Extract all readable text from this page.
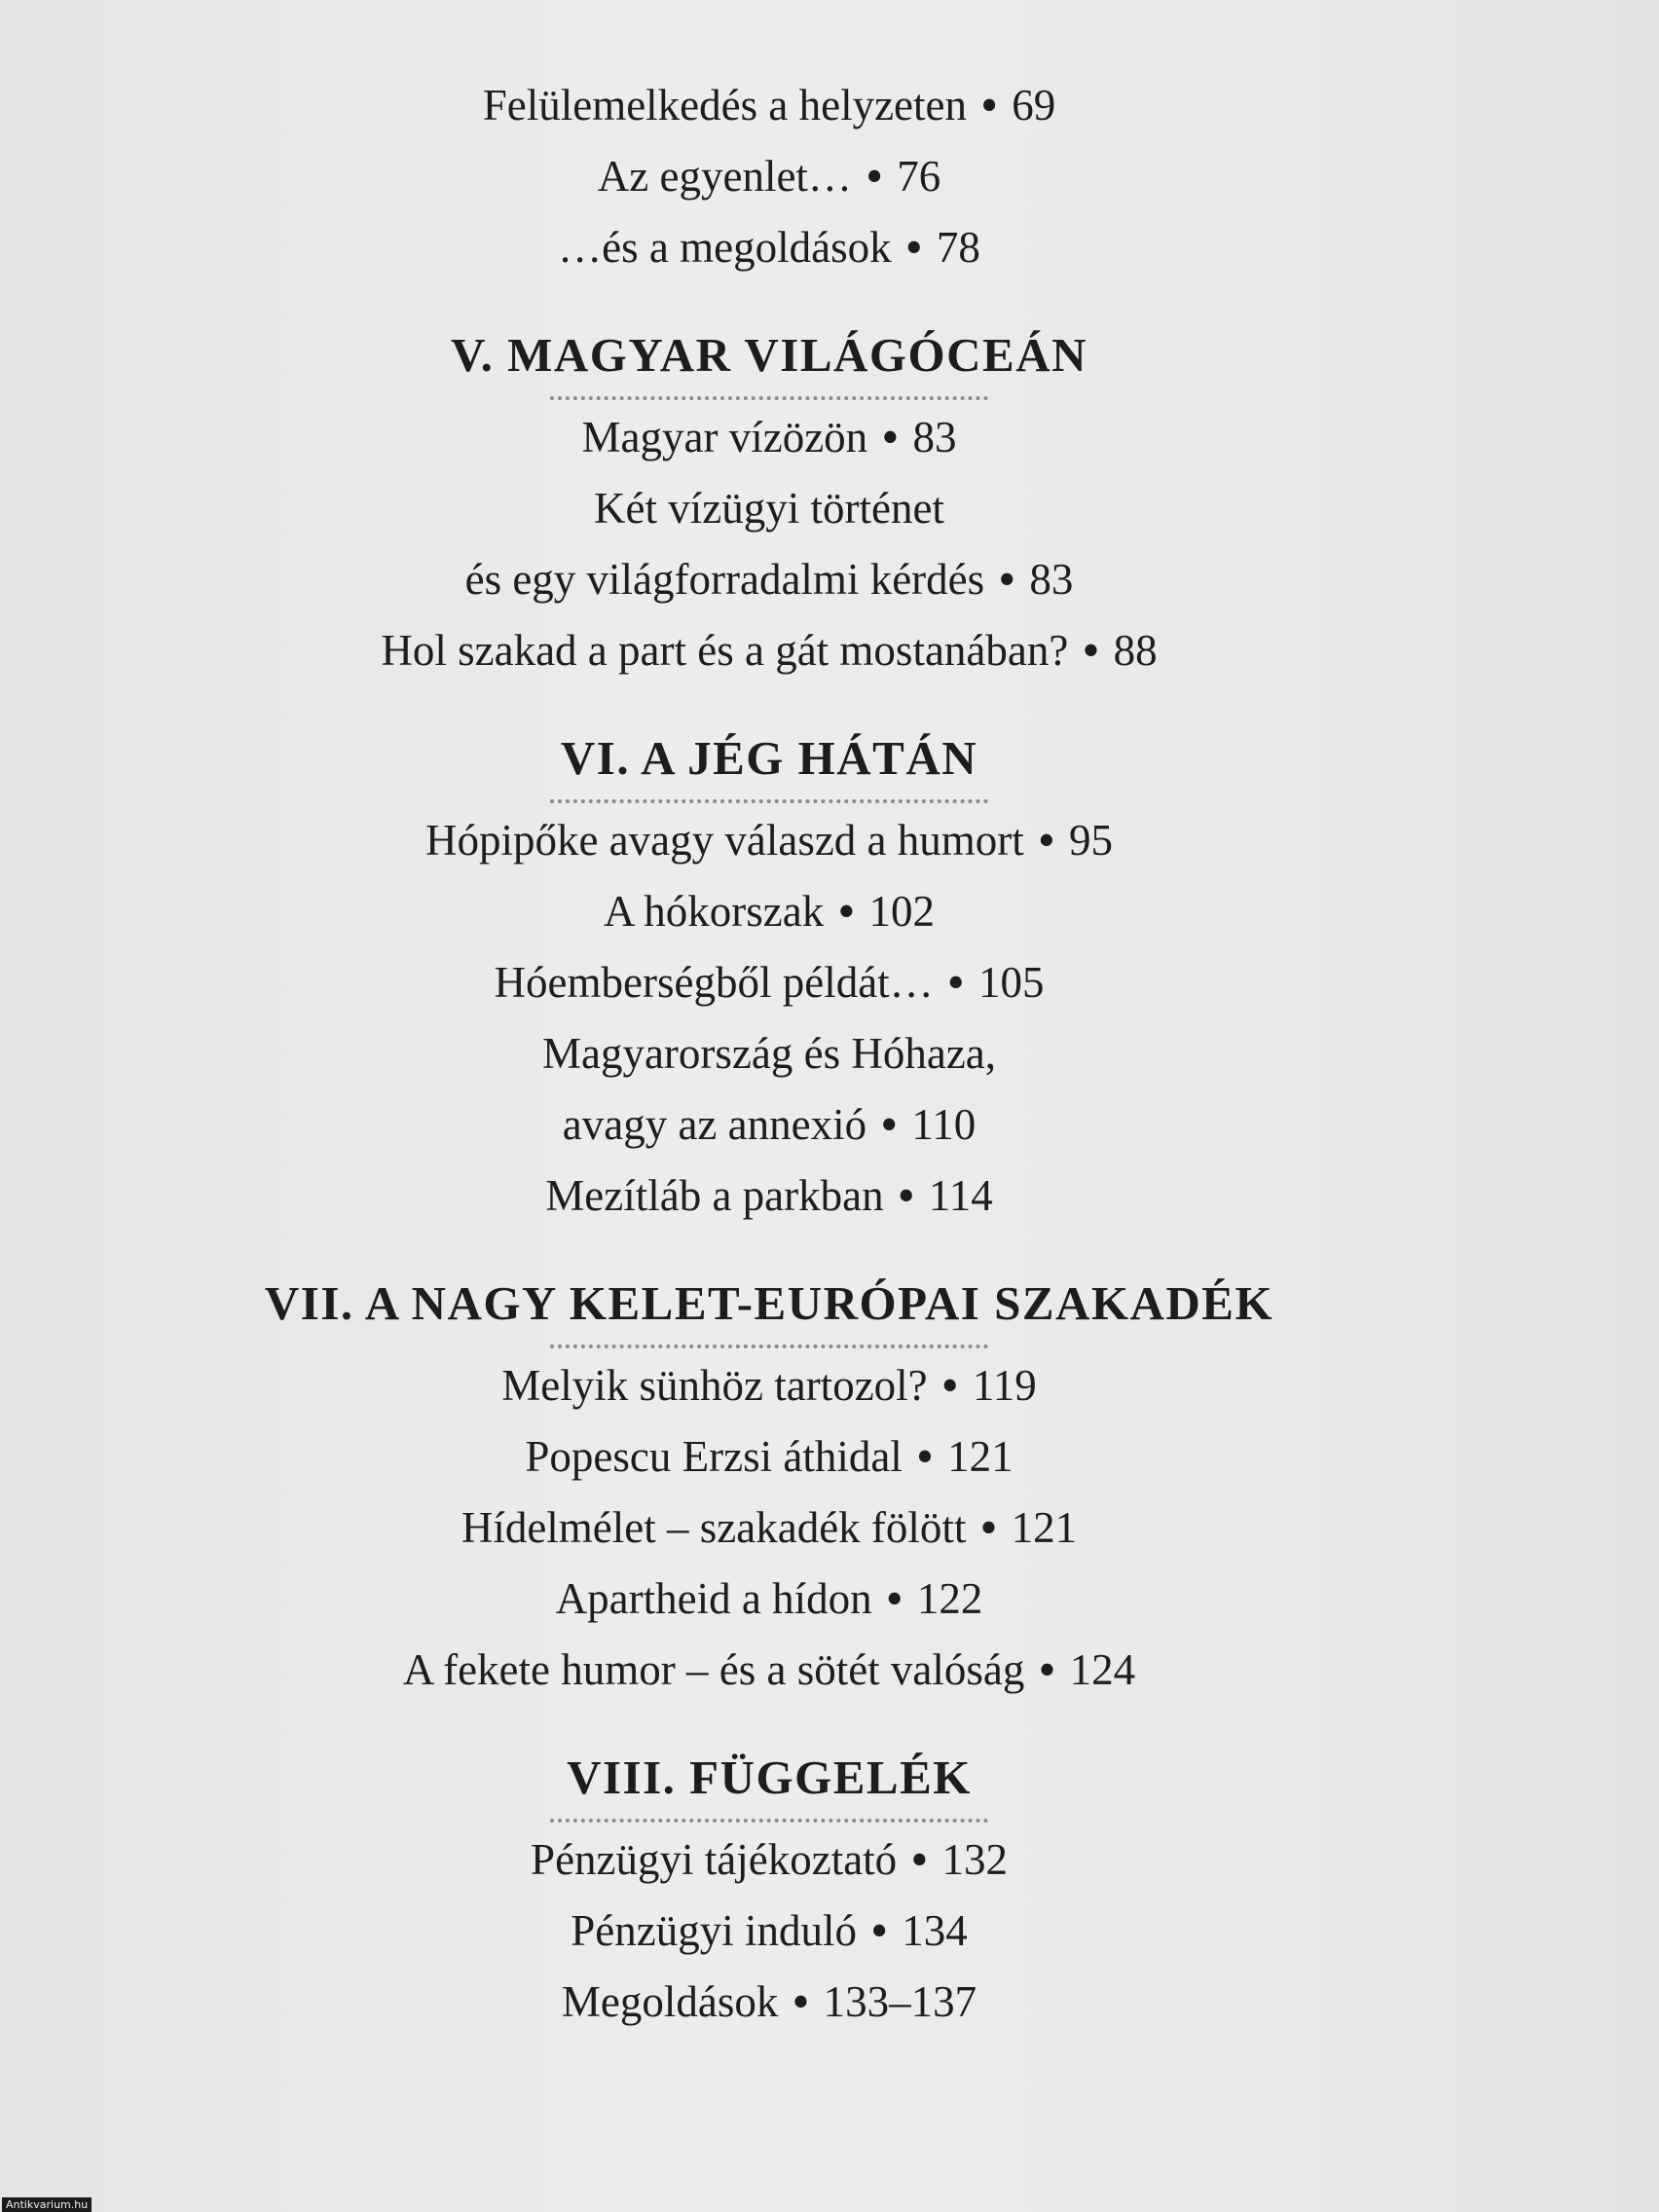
Felülemelkedés a helyzeten • 69
Az egyenlet… • 76
…és a megoldások • 78
V. MAGYAR VILÁGÓCEÁN
Magyar vízözön • 83
Két vízügyi történet
és egy világforradalmi kérdés • 83
Hol szakad a part és a gát mostanában? • 88
VI. A JÉG HÁTÁN
Hópipőke avagy válaszd a humort • 95
A hókorszak • 102
Hóemberségből példát… • 105
Magyarország és Hóhaza,
avagy az annexió • 110
Mezítláb a parkban • 114
VII. A NAGY KELET-EURÓPAI SZAKADÉK
Melyik sünhöz tartozol? • 119
Popescu Erzsi áthidal • 121
Hídelmélet – szakadék fölött • 121
Apartheid a hídon • 122
A fekete humor – és a sötét valóság • 124
VIII. FÜGGELÉK
Pénzügyi tájékoztató • 132
Pénzügyi induló • 134
Megoldások • 133–137
Antikvarium.hu
